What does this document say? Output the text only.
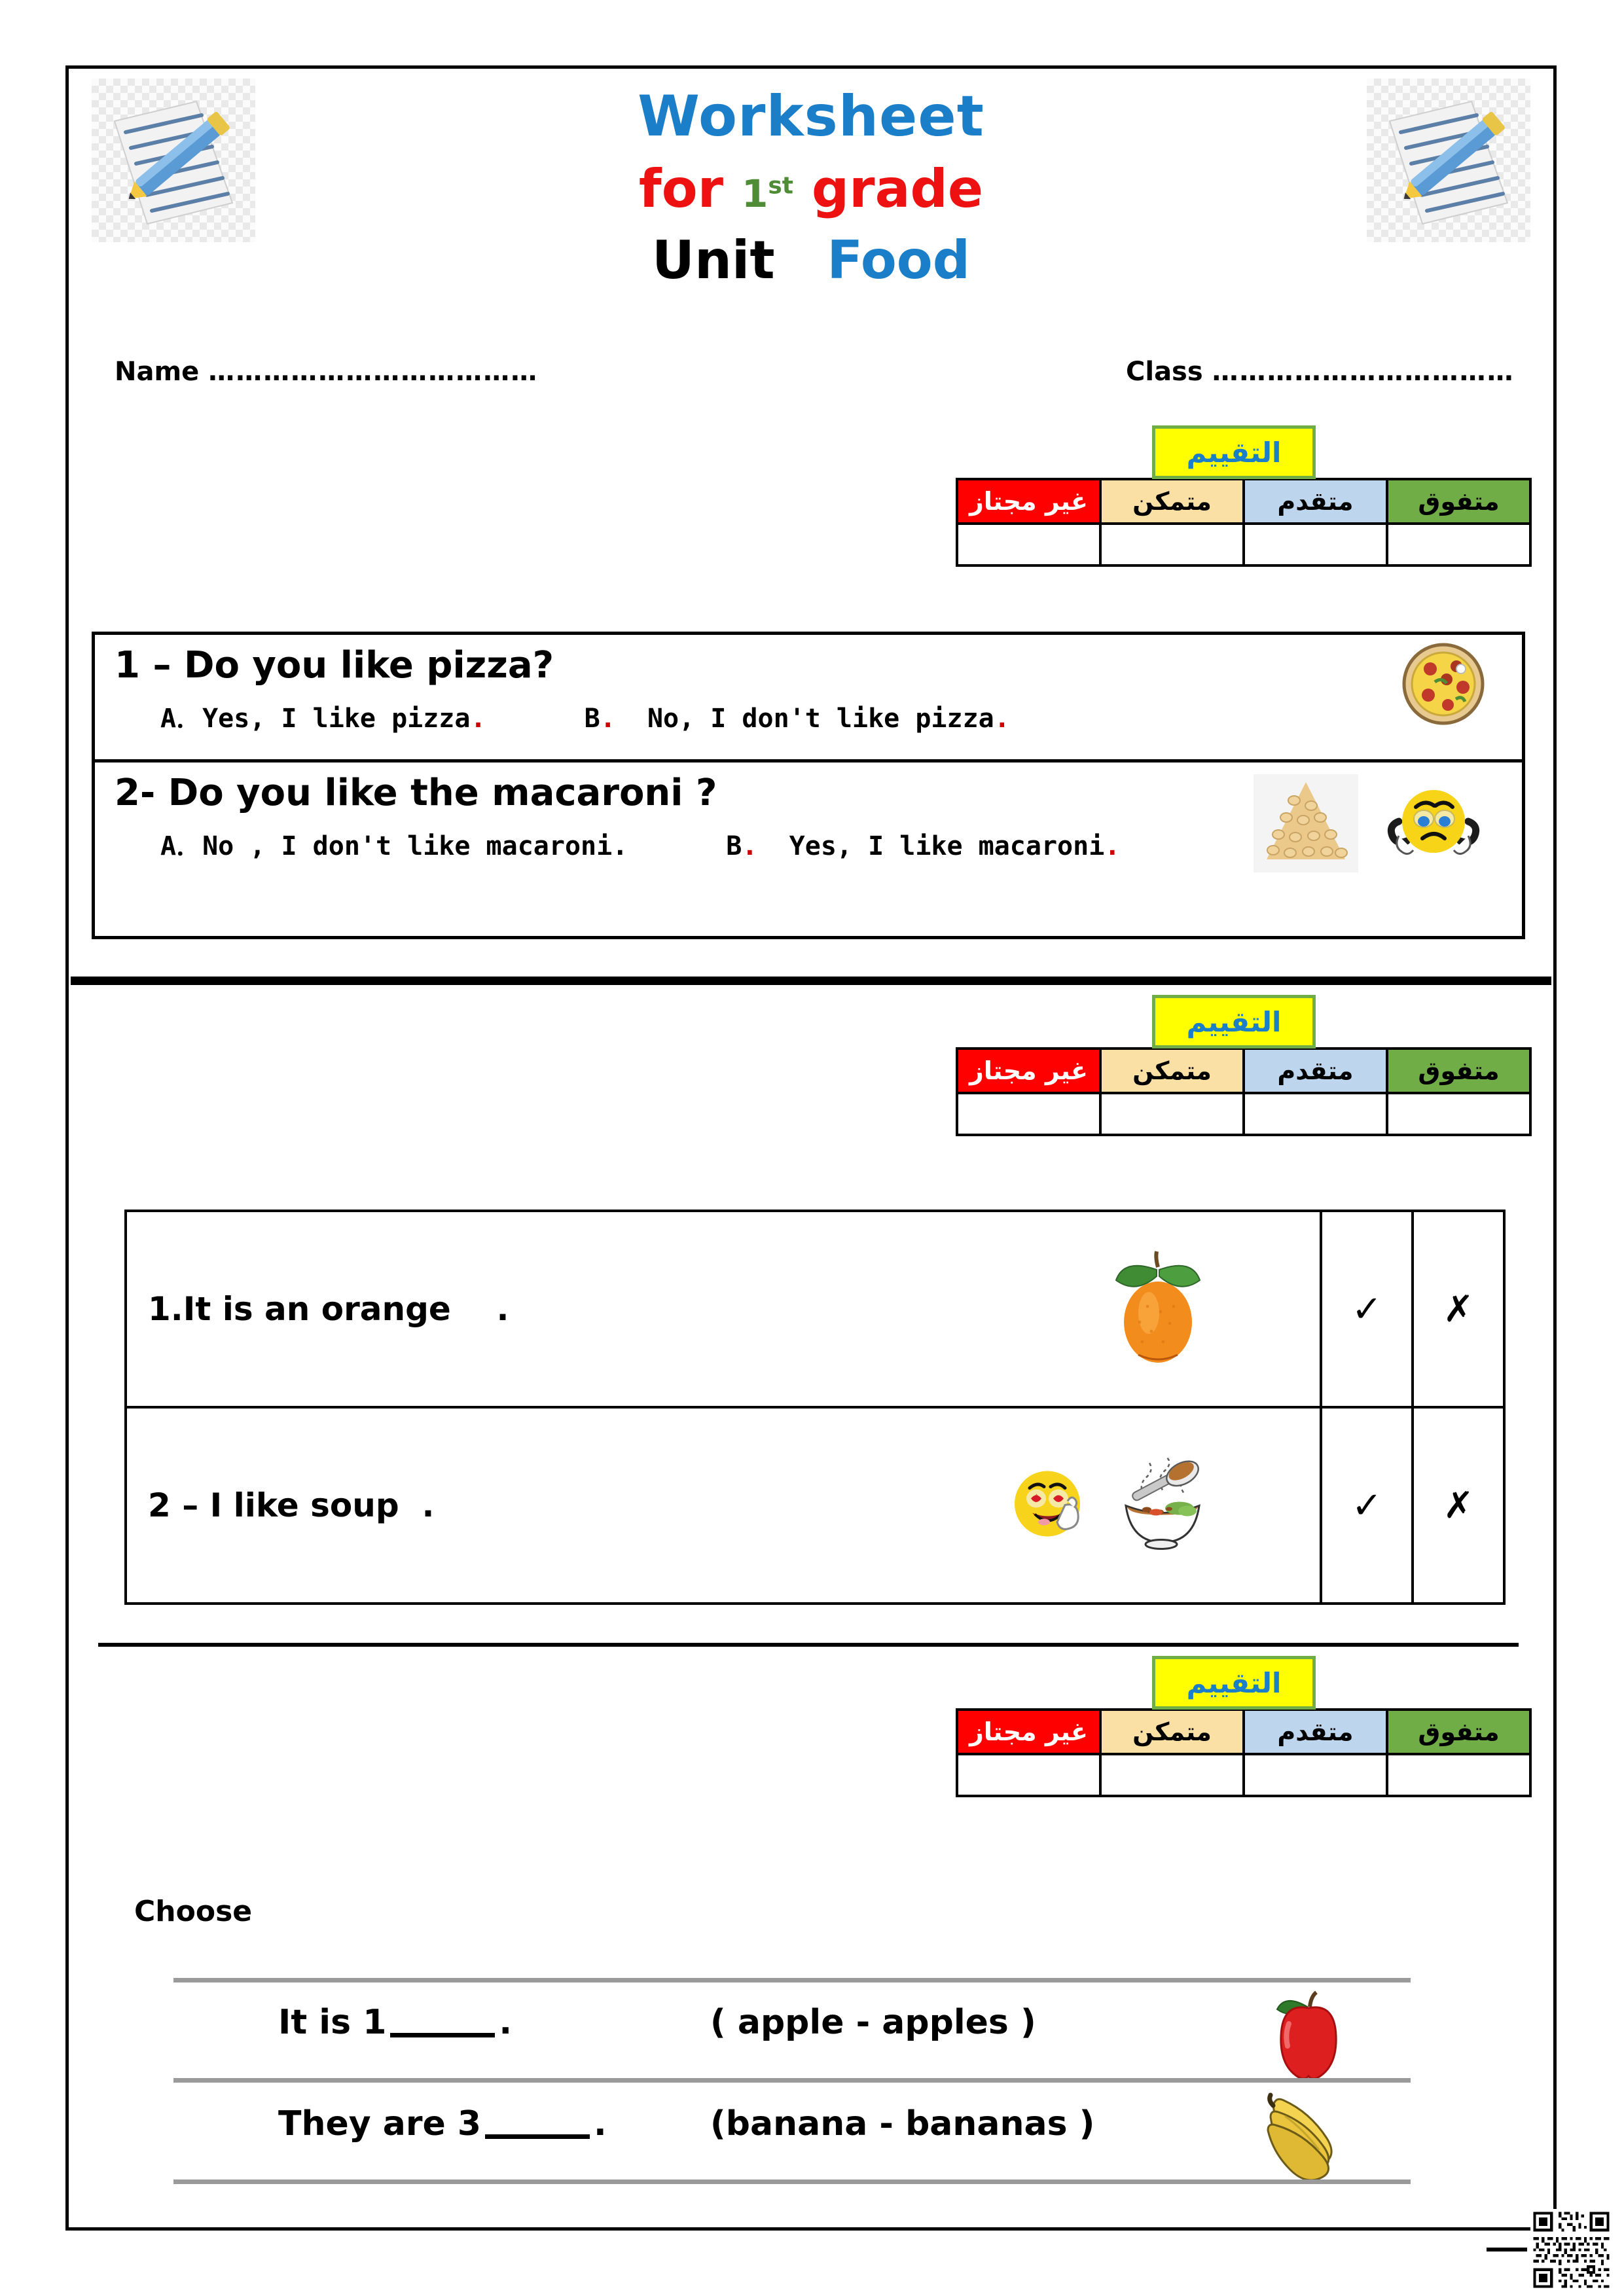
Worksheet
for 1st grade
Unit Food
Name ………………………………	Class ……………………………
التقييم
غير مجتاز	متمكن	متقدم	متفوق

1 – Do you like pizza?
A．Yes, I like pizza.	B. No, I don't like pizza.
2- Do you like the macaroni ?
A．No , I don't like macaroni.	B. Yes, I like macaroni.
التقييم
غير مجتاز	متمكن	متقدم	متفوق

1.It is an orange .	✓	✗

2 – I like soup .	✓	✗
التقييم
غير مجتاز	متمكن	متقدم	متفوق

Choose
It is 1	.	( apple - apples )
They are 3	.	(banana - bananas )
